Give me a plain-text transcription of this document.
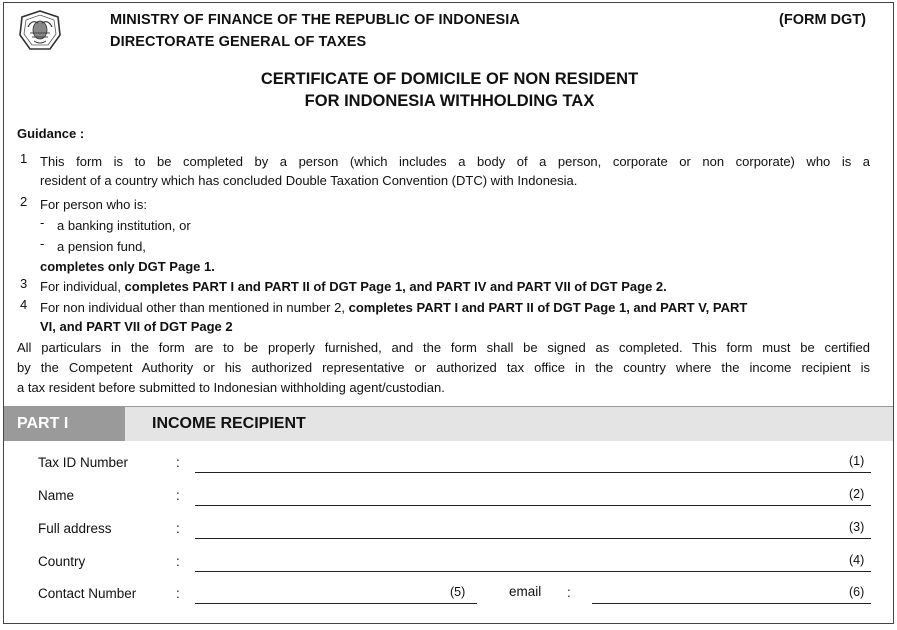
MINISTRY OF FINANCE OF THE REPUBLIC OF INDONESIA
DIRECTORATE GENERAL OF TAXES
(FORM DGT)
CERTIFICATE OF DOMICILE OF NON RESIDENT
FOR INDONESIA WITHHOLDING TAX
Guidance :
1 This form is to be completed by a person (which includes a body of a person, corporate or non corporate) who is a
resident of a country which has concluded Double Taxation Convention (DTC) with Indonesia.
2 For person who is:
- a banking institution, or
- a pension fund,
completes only DGT Page 1.
3 For individual, completes PART I and PART II of DGT Page 1, and PART IV and PART VII of DGT Page 2.
4 For non individual other than mentioned in number 2, completes PART I and PART II of DGT Page 1, and PART V, PART
VI, and PART VII of DGT Page 2
All particulars in the form are to be properly furnished, and the form shall be signed as completed. This form must be certified
by the Competent Authority or his authorized representative or authorized tax office in the country where the income recipient is
a tax resident before submitted to Indonesian withholding agent/custodian.
PART I	INCOME RECIPIENT
Tax ID Number	:	(1)
Name	:	(2)
Full address	:	(3)
Country	:	(4)
Contact Number	:	(5)	email :	(6)
